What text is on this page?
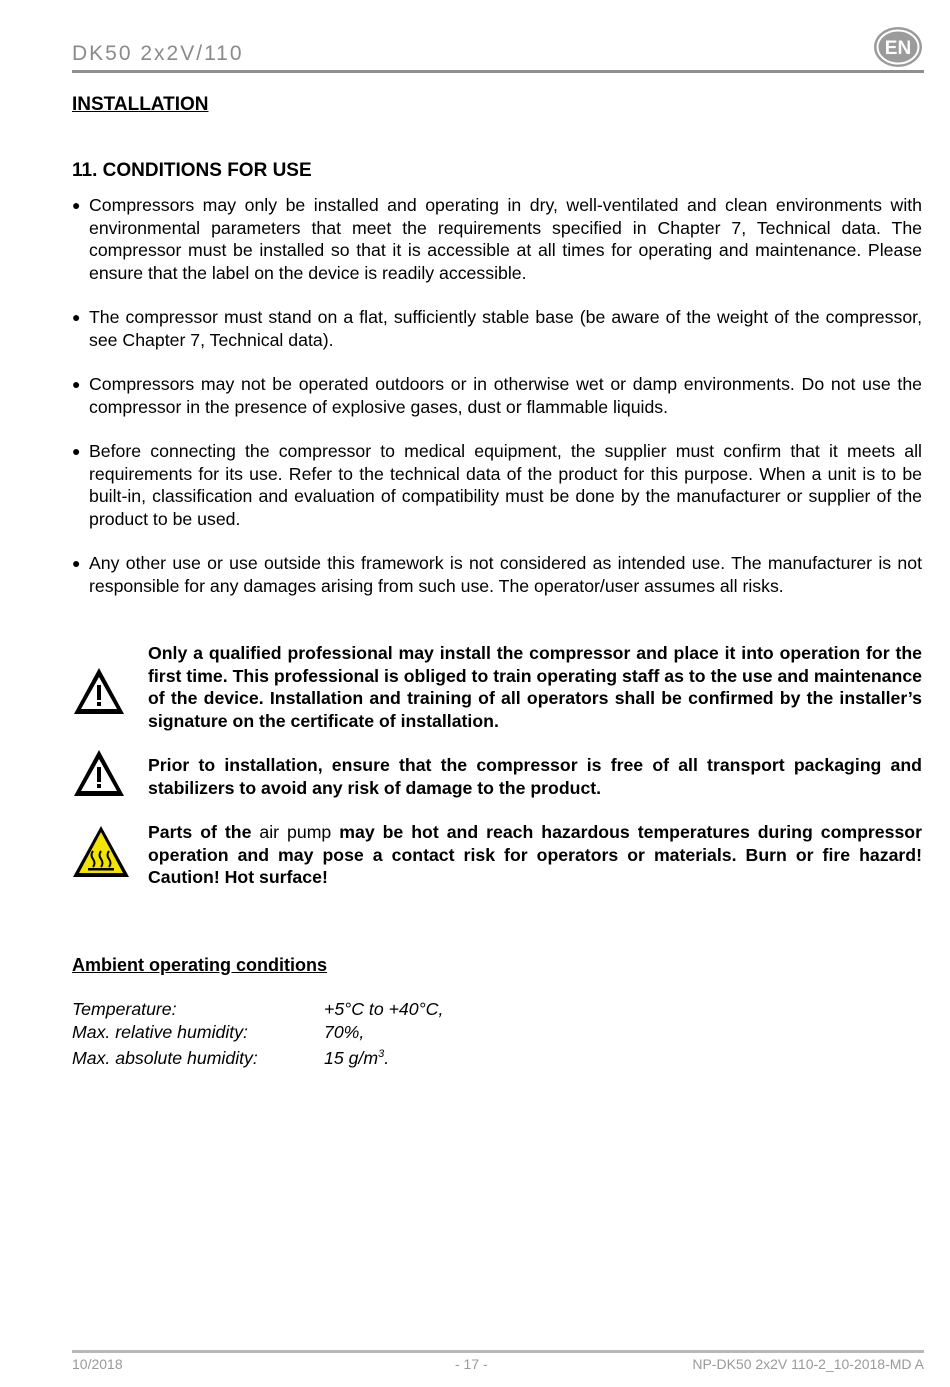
DK50 2x2V/110	EN
INSTALLATION
11. CONDITIONS FOR USE
● Compressors may only be installed and operating in dry, well-ventilated and clean environments with environmental parameters that meet the requirements specified in Chapter 7, Technical data. The compressor must be installed so that it is accessible at all times for operating and maintenance. Please ensure that the label on the device is readily accessible.
● The compressor must stand on a flat, sufficiently stable base (be aware of the weight of the compressor, see Chapter 7, Technical data).
● Compressors may not be operated outdoors or in otherwise wet or damp environments. Do not use the compressor in the presence of explosive gases, dust or flammable liquids.
● Before connecting the compressor to medical equipment, the supplier must confirm that it meets all requirements for its use. Refer to the technical data of the product for this purpose. When a unit is to be built-in, classification and evaluation of compatibility must be done by the manufacturer or supplier of the product to be used.
● Any other use or use outside this framework is not considered as intended use. The manufacturer is not responsible for any damages arising from such use. The operator/user assumes all risks.
Only a qualified professional may install the compressor and place it into operation for the first time. This professional is obliged to train operating staff as to the use and maintenance of the device. Installation and training of all operators shall be confirmed by the installer’s signature on the certificate of installation.
Prior to installation, ensure that the compressor is free of all transport packaging and stabilizers to avoid any risk of damage to the product.
Parts of the air pump may be hot and reach hazardous temperatures during compressor operation and may pose a contact risk for operators or materials. Burn or fire hazard! Caution! Hot surface!
Ambient operating conditions
Temperature:	+5°C to +40°C,
Max. relative humidity:	70%,
Max. absolute humidity:	15 $g/m^3$.
10/2018	- 17 -	NP-DK50 2x2V 110-2_10-2018-MD A
